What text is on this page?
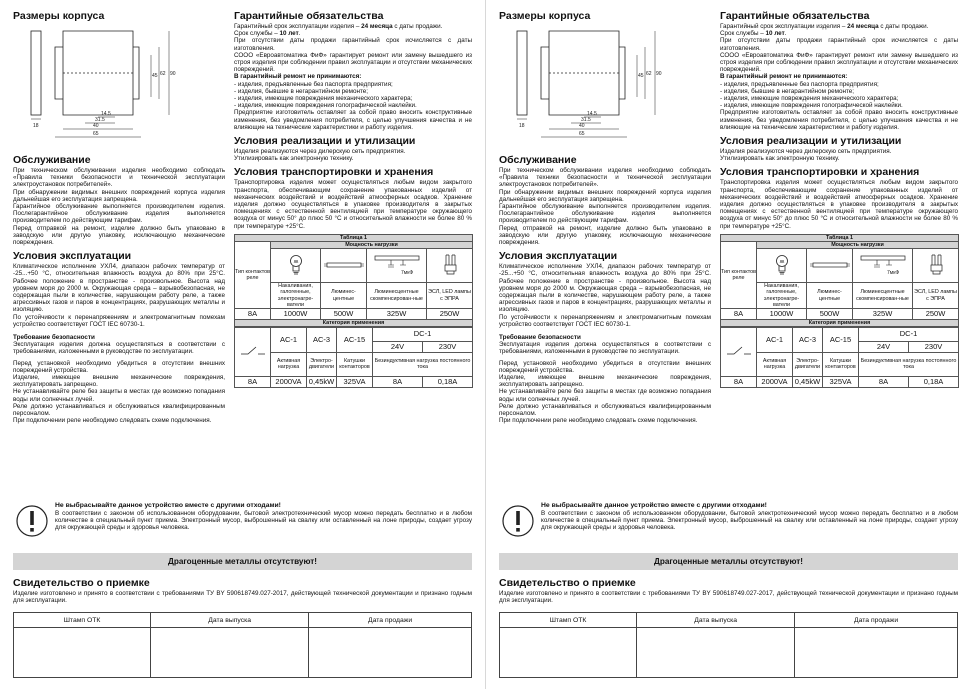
Размеры корпуса
18
14.5
31.5
40
65
45 62 90
Обслуживание

При техническом обслуживании изделия необходимо соблюдать «Правила техники безопасности и технической эксплуатации электроустановок потребителей».

При обнаружении видимых внешних повреждений корпуса изделия дальнейшая его эксплуатация запрещена.

Гарантийное обслуживание выполняется производителем изделия. Послегарантийное обслуживание изделия выполняется производителем по действующим тарифам.

Перед отправкой на ремонт, изделие должно быть упаковано в заводскую или другую упаковку, исключающую механические повреждения.

Условия эксплуатации

Климатическое исполнение УХЛ4, диапазон рабочих температур от -25...+50 °С, относительная влажность воздуха до 80% при 25°С. Рабочее положение в пространстве - произвольное. Высота над уровнем моря до 2000 м. Окружающая среда – взрывобезопасная, не содержащая пыли в количестве, нарушающем работу реле, а также агрессивных газов и паров в концентрациях, разрушающих металлы и изоляцию.

По устойчивости к перенапряжениям и электромагнитным помехам устройство соответствует ГОСТ IEC 60730-1.

Требование безопасности

Эксплуатация изделия должна осуществляться в соответствии с требованиями, изложенными в руководстве по эксплуатации.

Перед установкой необходимо убедиться в отсутствии внешних повреждений устройства.

Изделие, имеющее внешние механические повреждения, эксплуатировать запрещено.

Не устанавливайте реле без защиты в местах где возможно попадания воды или солнечных лучей.

Реле должно устанавливаться и обслуживаться квалифицированным персоналом.

При подключении реле необходимо следовать схеме подключения.

Гарантийные обязательства

Гарантийный срок эксплуатации изделия – 24 месяца с даты продажи.

Срок службы – 10 лет.

При отсутствии даты продажи гарантийный срок исчисляется с даты изготовления.

СООО «Евроавтоматика ФиФ» гарантирует ремонт или замену вышедшего из строя изделия при соблюдении правил эксплуатации и отсутствии механических повреждений.

В гарантийный ремонт не принимаются:

- изделия, предъявленные без паспорта предприятия;

- изделия, бывшие в негарантийном ремонте;

- изделия, имеющие повреждения механического характера;

- изделия, имеющие повреждения голографической наклейки.

Предприятие изготовитель оставляет за собой право вносить конструктивные изменения, без уведомления потребителя, с целью улучшения качества и не влияющие на технические характеристики и работу изделия.

Условия реализации и утилизации

Изделия реализуются через дилерскую сеть предприятия.

Утилизировать как электронную технику.

Условия транспортировки и хранения

Транспортировка изделия может осуществляться любым видом закрытого транспорта, обеспечивающим сохранение упакованных изделий от механических воздействий и воздействий атмосферных осадков. Хранение изделия должно осуществляться в упаковке производителя в закрытых помещениях с естественной вентиляцией при температуре окружающего воздуха от минус 50° до плюс 50 °С и относительной влажности не более 80 % при температуре +25°С.

Таблица 1				
Тип контактов реле	Мощность нагрузки			

7мкФ

	Накаливания, галогенные, электронагре-ватели	Люминес-центные	Люминесцентные скомпенсирован-ные	ЭСЛ, LED лампы с ЭПРА
8А	1000W	500W	325W	250W
Категория применения				
	AC-1	AC-3	AC-15	DC-1	
				24V	230V
	Активная нагрузка	Электро-двигатели	Катушки контакторов	Безиндуктивная нагрузка постоянного тока	
8А	2000VA	0,45kW	325VA	8A	0,18A

Не выбрасывайте данное устройство вместе с другими отходами!

В соответствии с законом об использованном оборудовании, бытовой электротехнический мусор можно передать бесплатно и в любом количестве в специальный пункт приема. Электронный мусор, выброшенный на свалку или оставленный на лоне природы, создает угрозу для окружающей среды и здоровья человека.

Драгоценные металлы отсутствуют!
Свидетельство о приемке

Изделие изготовлено и принято в соответствии с требованиями ТУ BY 590618749.027-2017, действующей технической документации и признано годным для эксплуатации.

Штамп ОТК	Дата выпуска	Дата продажи

Размеры корпуса
18
14.5
31.5
40
65
45 62 90
Обслуживание

При техническом обслуживании изделия необходимо соблюдать «Правила техники безопасности и технической эксплуатации электроустановок потребителей».

При обнаружении видимых внешних повреждений корпуса изделия дальнейшая его эксплуатация запрещена.

Гарантийное обслуживание выполняется производителем изделия. Послегарантийное обслуживание изделия выполняется производителем по действующим тарифам.

Перед отправкой на ремонт, изделие должно быть упаковано в заводскую или другую упаковку, исключающую механические повреждения.

Условия эксплуатации

Климатическое исполнение УХЛ4, диапазон рабочих температур от -25...+50 °С, относительная влажность воздуха до 80% при 25°С. Рабочее положение в пространстве - произвольное. Высота над уровнем моря до 2000 м. Окружающая среда – взрывобезопасная, не содержащая пыли в количестве, нарушающем работу реле, а также агрессивных газов и паров в концентрациях, разрушающих металлы и изоляцию.

По устойчивости к перенапряжениям и электромагнитным помехам устройство соответствует ГОСТ IEC 60730-1.

Требование безопасности

Эксплуатация изделия должна осуществляться в соответствии с требованиями, изложенными в руководстве по эксплуатации.

Перед установкой необходимо убедиться в отсутствии внешних повреждений устройства.

Изделие, имеющее внешние механические повреждения, эксплуатировать запрещено.

Не устанавливайте реле без защиты в местах где возможно попадания воды или солнечных лучей.

Реле должно устанавливаться и обслуживаться квалифицированным персоналом.

При подключении реле необходимо следовать схеме подключения.

Гарантийные обязательства

Гарантийный срок эксплуатации изделия – 24 месяца с даты продажи.

Срок службы – 10 лет.

При отсутствии даты продажи гарантийный срок исчисляется с даты изготовления.

СООО «Евроавтоматика ФиФ» гарантирует ремонт или замену вышедшего из строя изделия при соблюдении правил эксплуатации и отсутствии механических повреждений.

В гарантийный ремонт не принимаются:

- изделия, предъявленные без паспорта предприятия;

- изделия, бывшие в негарантийном ремонте;

- изделия, имеющие повреждения механического характера;

- изделия, имеющие повреждения голографической наклейки.

Предприятие изготовитель оставляет за собой право вносить конструктивные изменения, без уведомления потребителя, с целью улучшения качества и не влияющие на технические характеристики и работу изделия.

Условия реализации и утилизации

Изделия реализуются через дилерскую сеть предприятия.

Утилизировать как электронную технику.

Условия транспортировки и хранения

Транспортировка изделия может осуществляться любым видом закрытого транспорта, обеспечивающим сохранение упакованных изделий от механических воздействий и воздействий атмосферных осадков. Хранение изделия должно осуществляться в упаковке производителя в закрытых помещениях с естественной вентиляцией при температуре окружающего воздуха от минус 50° до плюс 50 °С и относительной влажности не более 80 % при температуре +25°С.

Таблица 1				
Тип контактов реле	Мощность нагрузки			

7мкФ

	Накаливания, галогенные, электронагре-ватели	Люминес-центные	Люминесцентные скомпенсирован-ные	ЭСЛ, LED лампы с ЭПРА
8А	1000W	500W	325W	250W
Категория применения				
	AC-1	AC-3	AC-15	DC-1	
				24V	230V
	Активная нагрузка	Электро-двигатели	Катушки контакторов	Безиндуктивная нагрузка постоянного тока	
8А	2000VA	0,45kW	325VA	8A	0,18A

Не выбрасывайте данное устройство вместе с другими отходами!

В соответствии с законом об использованном оборудовании, бытовой электротехнический мусор можно передать бесплатно и в любом количестве в специальный пункт приема. Электронный мусор, выброшенный на свалку или оставленный на лоне природы, создает угрозу для окружающей среды и здоровья человека.

Драгоценные металлы отсутствуют!
Свидетельство о приемке

Изделие изготовлено и принято в соответствии с требованиями ТУ BY 590618749.027-2017, действующей технической документации и признано годным для эксплуатации.

Штамп ОТК	Дата выпуска	Дата продажи
